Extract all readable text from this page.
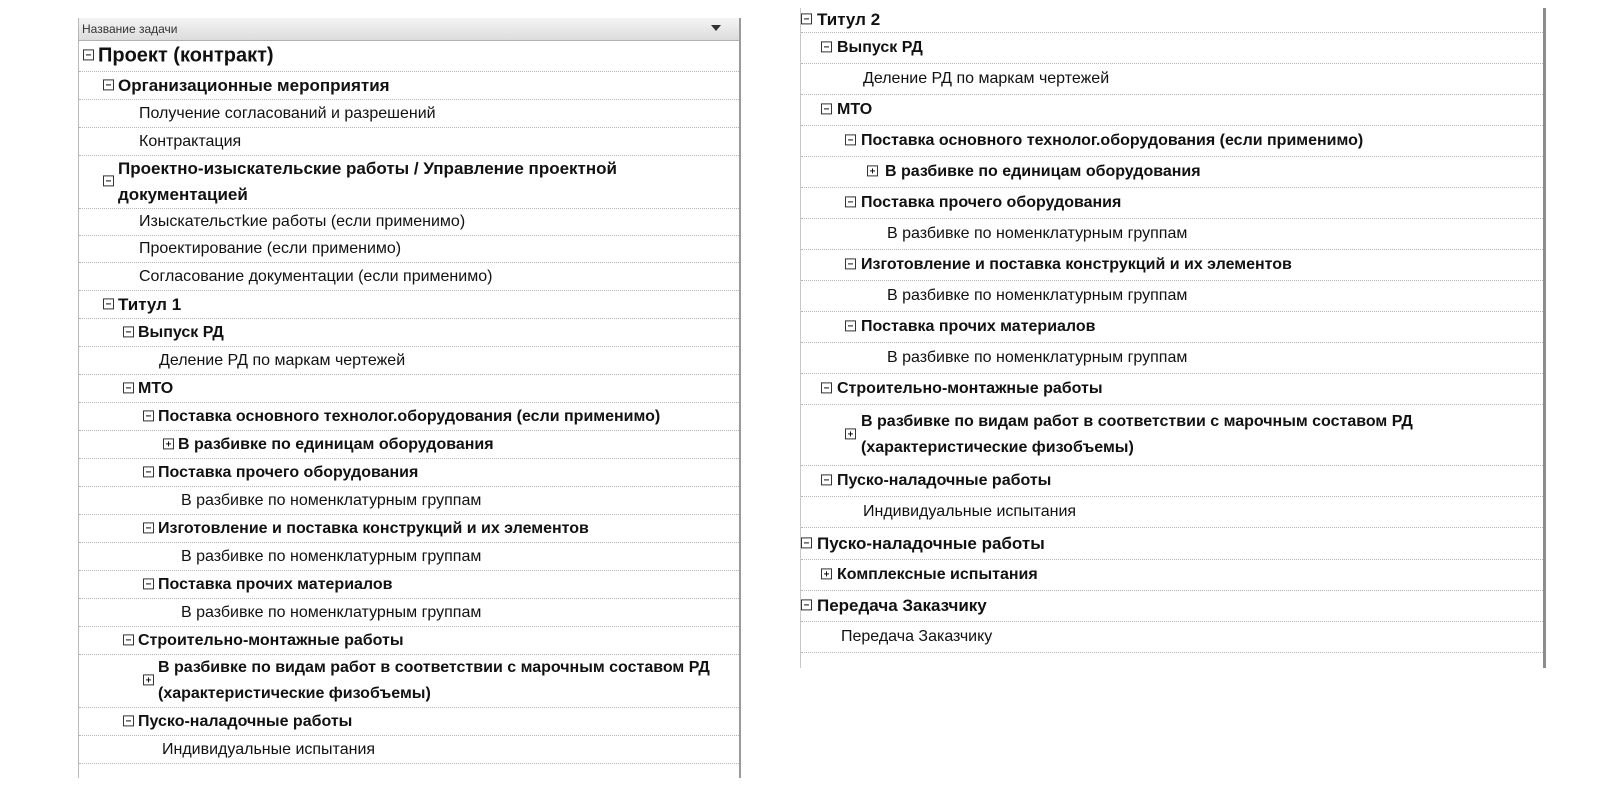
Название задачи
Проект (контракт)
Организационные мероприятия
Получение согласований и разрешений
Контрактация
Проектно-изыскательские работы / Управление проектной документацией
Изыскательстkие работы (если применимо)
Проектирование (если применимо)
Согласование документации (если применимо)
Титул 1
Выпуск РД
Деление РД по маркам чертежей
МТО
Поставка основного технолог.оборудования (если применимо)
В разбивке по единицам оборудования
Поставка прочего оборудования
В разбивке по номенклатурным группам
Изготовление и поставка конструкций и их элементов
В разбивке по номенклатурным группам
Поставка прочих материалов
В разбивке по номенклатурным группам
Строительно-монтажные работы
В разбивке по видам работ в соответствии с марочным составом РД (характеристические физобъемы)
Пуско-наладочные работы
Индивидуальные испытания
Титул 2
Выпуск РД
Деление РД по маркам чертежей
МТО
Поставка основного технолог.оборудования (если применимо)
В разбивке по единицам оборудования
Поставка прочего оборудования
В разбивке по номенклатурным группам
Изготовление и поставка конструкций и их элементов
В разбивке по номенклатурным группам
Поставка прочих материалов
В разбивке по номенклатурным группам
Строительно-монтажные работы
В разбивке по видам работ в соответствии с марочным составом РД (характеристические физобъемы)
Пуско-наладочные работы
Индивидуальные испытания
Пуско-наладочные работы
Комплексные испытания
Передача Заказчику
Передача Заказчику
